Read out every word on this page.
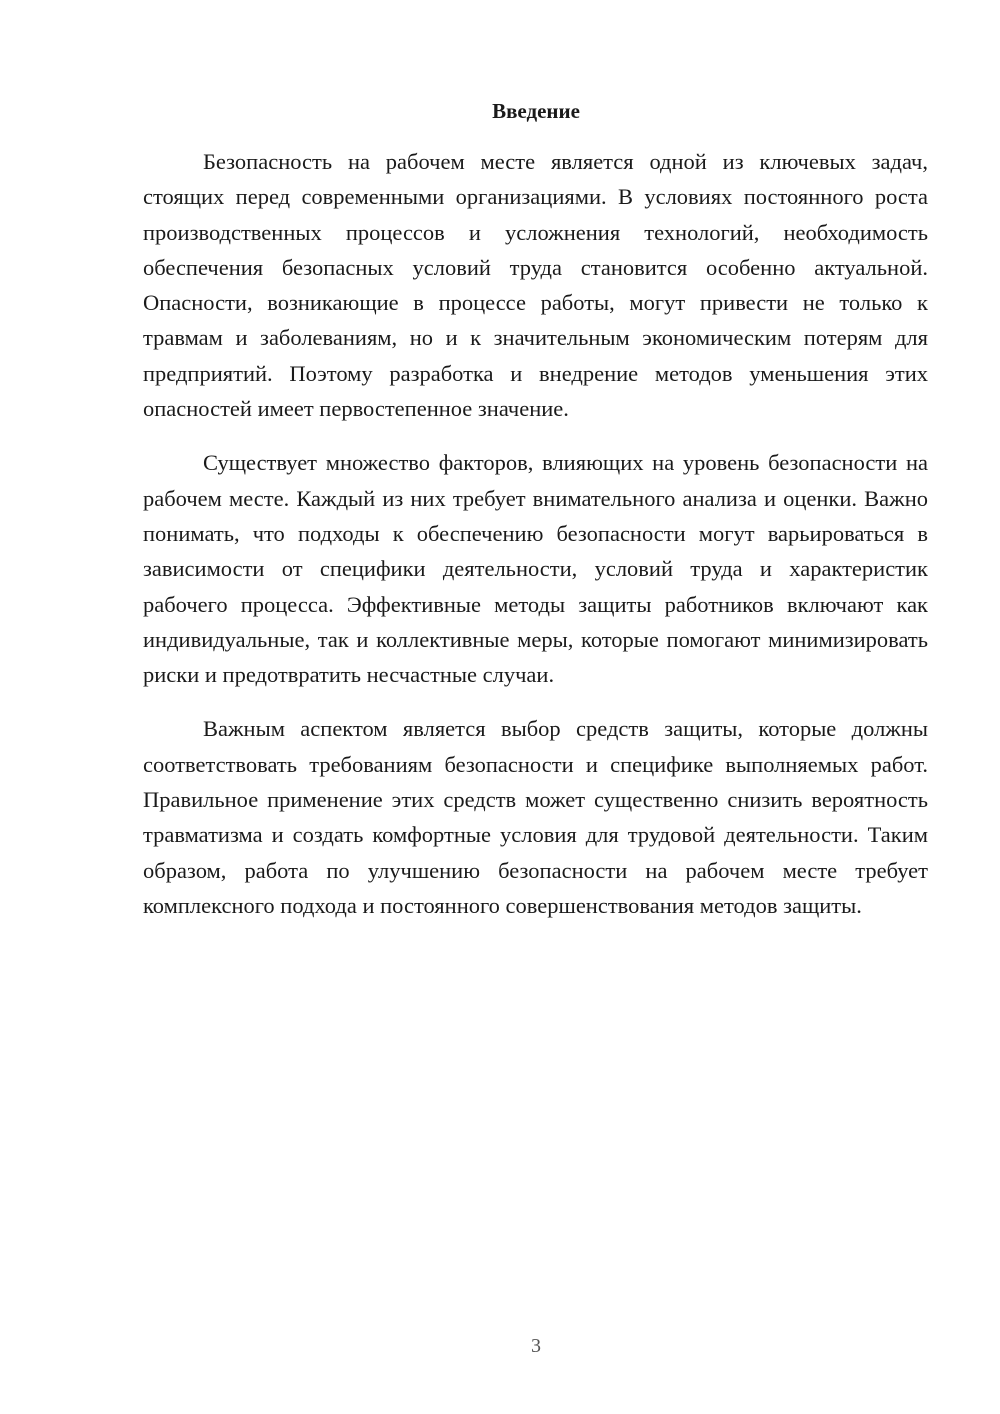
Введение

Безопасность на рабочем месте является одной из ключевых задач, стоящих перед современными организациями. В условиях постоянного роста производственных процессов и усложнения технологий, необходимость обеспечения безопасных условий труда становится особенно актуальной. Опасности, возникающие в процессе работы, могут привести не только к травмам и заболеваниям, но и к значительным экономическим потерям для предприятий. Поэтому разработка и внедрение методов уменьшения этих опасностей имеет первостепенное значение.

Существует множество факторов, влияющих на уровень безопасности на рабочем месте. Каждый из них требует внимательного анализа и оценки. Важно понимать, что подходы к обеспечению безопасности могут варьироваться в зависимости от специфики деятельности, условий труда и характеристик рабочего процесса. Эффективные методы защиты работников включают как индивидуальные, так и коллективные меры, которые помогают минимизировать риски и предотвратить несчастные случаи.

Важным аспектом является выбор средств защиты, которые должны соответствовать требованиям безопасности и специфике выполняемых работ. Правильное применение этих средств может существенно снизить вероятность травматизма и создать комфортные условия для трудовой деятельности. Таким образом, работа по улучшению безопасности на рабочем месте требует комплексного подхода и постоянного совершенствования методов защиты.

3
